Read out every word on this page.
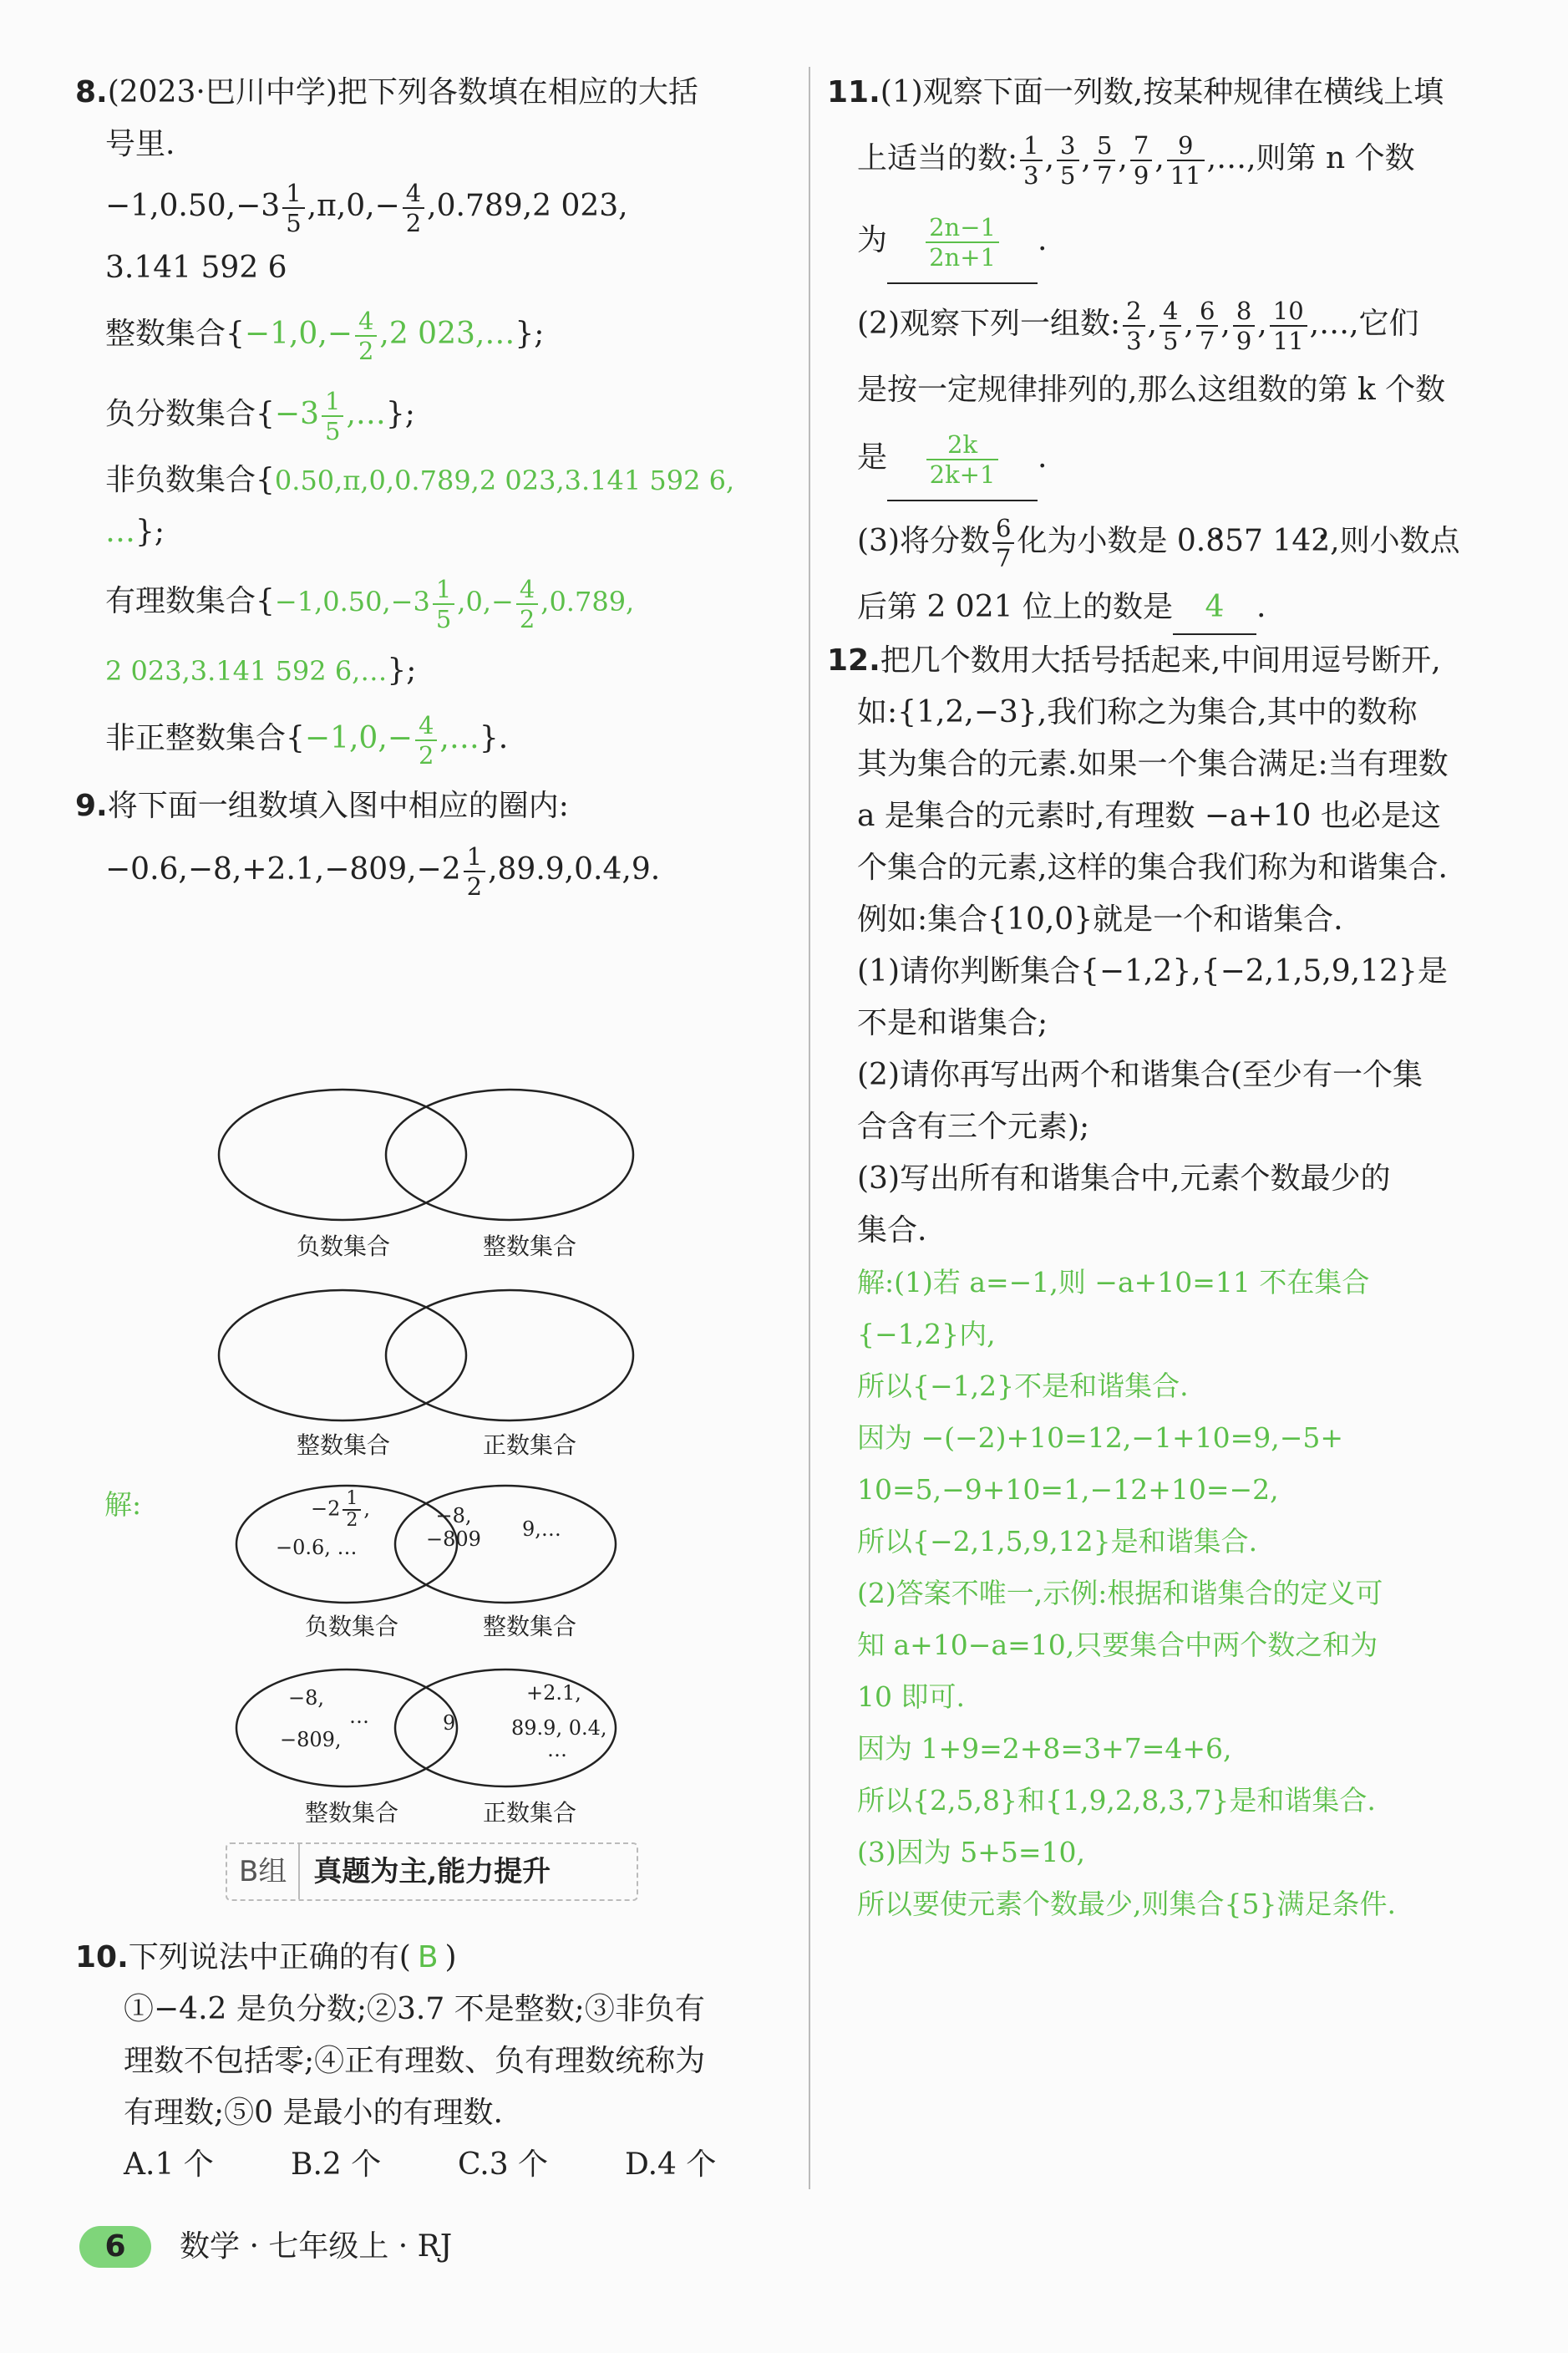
8.(2023·巴川中学)把下列各数填在相应的大括
号里.
$-1,0.50,-3 \frac{1}{5} ,\pi,0,- \frac{4}{2} ,0.789,2$ 023,
3.141 592 6
整数集合{$-1,0,- \frac{4}{2} ,2$ 023,…};
负分数集合{$-3 \frac{1}{5}$ ,…};
非负数集合{0.50,π,0,0.789,2 023,3.141 592 6,
…};
有理数集合{$-1,0.50,-3 \frac{1}{5} ,0,- \frac{4}{2} ,0.789$,
2 023,3.141 592 6,…};
非正整数集合{$-1,0,- \frac{4}{2}$ ,…}.
9.将下面一组数填入图中相应的圈内:
$-0.6,-8,+2.1,-809,-2 \frac{1}{2} ,89.9,0.4,9$.
负数集合	整数集合
整数集合	正数集合
解:	$-2 \frac{1}{2}$ ,
−0.6, …
−8,
−809 9,…
负数集合	整数集合
−8,
…
−809,
9
+2.1,
89.9, 0.4,
…
整数集合	正数集合
B组 真题为主,能力提升
10.下列说法中正确的有( B )
①−4.2 是负分数;②3.7 不是整数;③非负有
理数不包括零;④正有理数、负有理数统称为
有理数;⑤0 是最小的有理数.
A.1 个	B.2 个	C.3 个	D.4 个
11.(1)观察下面一列数,按某种规律在横线上填
上适当的数: $\frac{1}{3}$ , $\frac{3}{5}$ , $\frac{5}{7}$ , $\frac{7}{9}$ , $\frac{9}{11}$ ,…,则第 n 个数
为 $\frac{2n-1}{2n+1}$ .
(2)观察下列一组数: $\frac{2}{3}$ , $\frac{4}{5}$ , $\frac{6}{7}$ , $\frac{8}{9}$ , $\frac{10}{11}$ ,…,它们
是按一定规律排列的,那么这组数的第 k 个数
是 $\frac{2k}{2k+1}$ .
(3)将分数 $\frac{6}{7}$ 化为小数是 0.• 857 14• 2,则小数点
后第 2 021 位上的数是 4 .
12.把几个数用大括号括起来,中间用逗号断开,
如:{1,2,−3},我们称之为集合,其中的数称
其为集合的元素.如果一个集合满足:当有理数
a 是集合的元素时,有理数 −a+10 也必是这
个集合的元素,这样的集合我们称为和谐集合.
例如:集合{10,0}就是一个和谐集合.
(1)请你判断集合{−1,2},{−2,1,5,9,12}是
不是和谐集合;
(2)请你再写出两个和谐集合(至少有一个集
合含有三个元素);
(3)写出所有和谐集合中,元素个数最少的
集合.
解:(1)若 a=−1,则 −a+10=11 不在集合
{−1,2}内,
所以{−1,2}不是和谐集合.
因为 −(−2)+10=12,−1+10=9,−5+
10=5,−9+10=1,−12+10=−2,
所以{−2,1,5,9,12}是和谐集合.
(2)答案不唯一,示例:根据和谐集合的定义可
知 a+10−a=10,只要集合中两个数之和为
10 即可.
因为 1+9=2+8=3+7=4+6,
所以{2,5,8}和{1,9,2,8,3,7}是和谐集合.
(3)因为 5+5=10,
所以要使元素个数最少,则集合{5}满足条件.
6 数学 · 七年级上 · RJ
